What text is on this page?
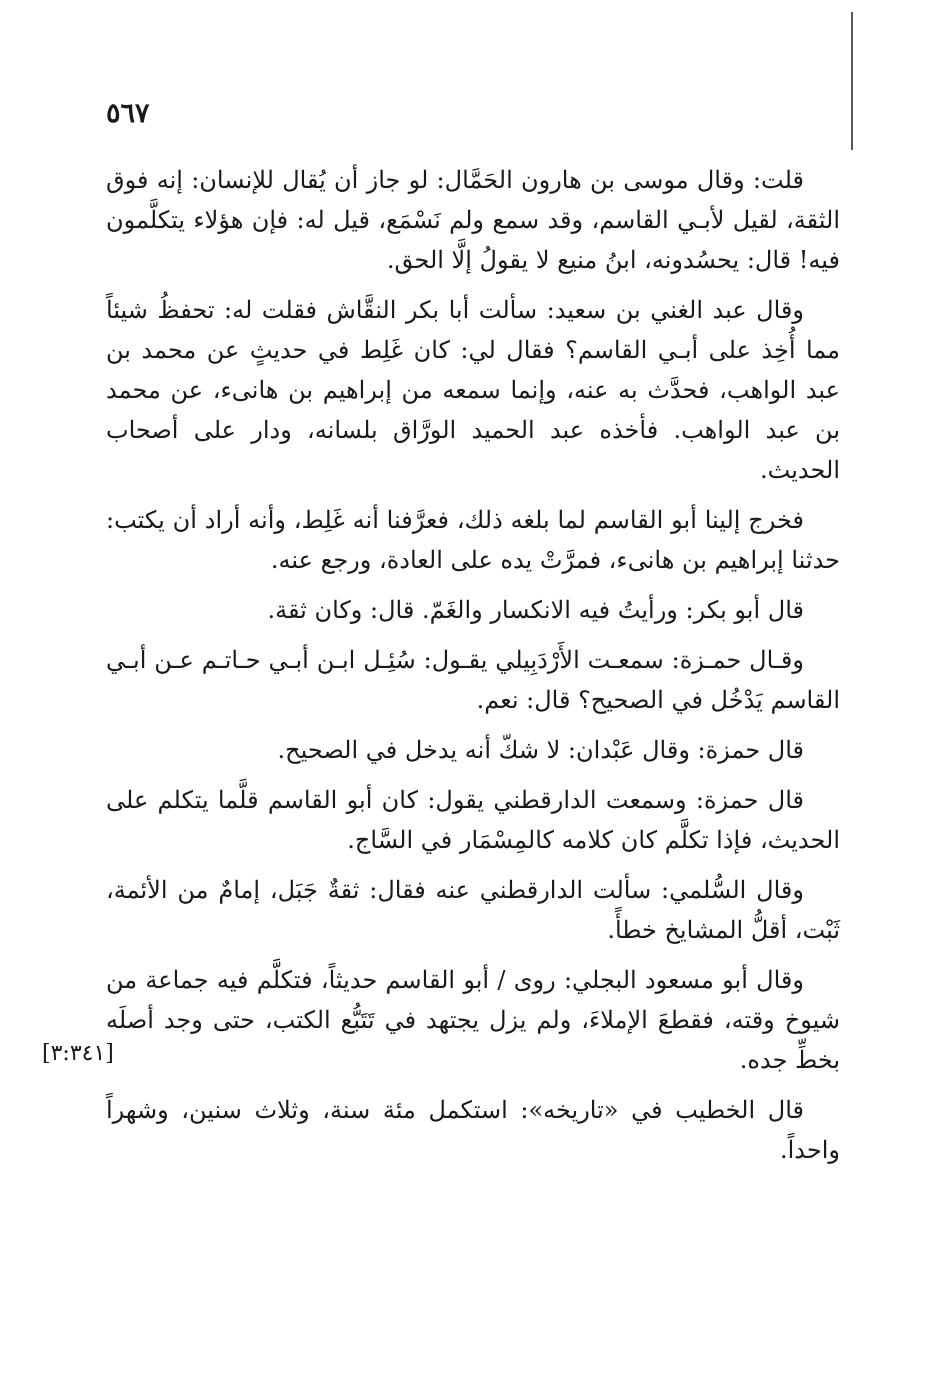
٥٦٧
[٣:٣٤١]

قلت: وقال موسى بن هارون الحَمَّال: لو جاز أن يُقال للإنسان: إنه فوق الثقة، لقيل لأبـي القاسم، وقد سمع ولم نَسْمَع، قيل له: فإن هؤلاء يتكلَّمون فيه! قال: يحسُدونه، ابنُ منيع لا يقولُ إلَّا الحق.

وقال عبد الغني بن سعيد: سألت أبا بكر النقَّاش فقلت له: تحفظُ شيئاً مما أُخِذ على أبـي القاسم؟ فقال لي: كان غَلِط في حديثٍ عن محمد بن عبد الواهب، فحدَّث به عنه، وإنما سمعه من إبراهيم بن هانىء، عن محمد بن عبد الواهب. فأخذه عبد الحميد الورَّاق بلسانه، ودار على أصحاب الحديث.

فخرج إلينا أبو القاسم لما بلغه ذلك، فعرَّفنا أنه غَلِط، وأنه أراد أن يكتب: حدثنا إبراهيم بن هانىء، فمرَّتْ يده على العادة، ورجع عنه.

قال أبو بكر: ورأيتُ فيه الانكسار والغَمّ. قال: وكان ثقة.

وقـال حمـزة: سمعـت الأَرْدَبِيلي يقـول: سُئِـل ابـن أبـي حـاتـم عـن أبـي القاسم يَدْخُل في الصحيح؟ قال: نعم.

قال حمزة: وقال عَبْدان: لا شكّ أنه يدخل في الصحيح.

قال حمزة: وسمعت الدارقطني يقول: كان أبو القاسم قلَّما يتكلم على الحديث، فإذا تكلَّم كان كلامه كالمِسْمَار في السَّاج.

وقال السُّلمي: سألت الدارقطني عنه فقال: ثقةٌ جَبَل، إمامٌ من الأئمة، ثَبْت، أقلُّ المشايخ خطأً.

وقال أبو مسعود البجلي: روى / أبو القاسم حديثاً، فتكلَّم فيه جماعة من شيوخ وقته، فقطعَ الإملاءَ، ولم يزل يجتهد في تَتَبُّع الكتب، حتى وجد أصلَه بخطِّ جده.

قال الخطيب في «تاريخه»: استكمل مئة سنة، وثلاث سنين، وشهراً واحداً.
